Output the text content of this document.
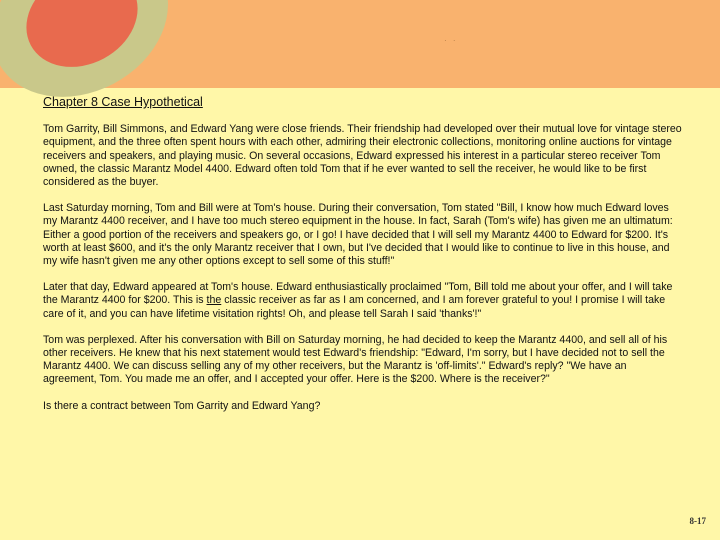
· ·
Chapter 8 Case Hypothetical

Tom Garrity, Bill Simmons, and Edward Yang were close friends. Their friendship had developed over their mutual love for vintage stereo equipment, and the three often spent hours with each other, admiring their electronic collections, monitoring online auctions for vintage receivers and speakers, and playing music. On several occasions, Edward expressed his interest in a particular stereo receiver Tom owned, the classic Marantz Model 4400. Edward often told Tom that if he ever wanted to sell the receiver, he would like to be first considered as the buyer.

Last Saturday morning, Tom and Bill were at Tom's house. During their conversation, Tom stated "Bill, I know how much Edward loves my Marantz 4400 receiver, and I have too much stereo equipment in the house. In fact, Sarah (Tom's wife) has given me an ultimatum: Either a good portion of the receivers and speakers go, or I go! I have decided that I will sell my Marantz 4400 to Edward for $200. It's worth at least $600, and it's the only Marantz receiver that I own, but I've decided that I would like to continue to live in this house, and my wife hasn't given me any other options except to sell some of this stuff!"

Later that day, Edward appeared at Tom's house. Edward enthusiastically proclaimed "Tom, Bill told me about your offer, and I will take the Marantz 4400 for $200. This is the classic receiver as far as I am concerned, and I am forever grateful to you! I promise I will take care of it, and you can have lifetime visitation rights! Oh, and please tell Sarah I said 'thanks'!"

Tom was perplexed. After his conversation with Bill on Saturday morning, he had decided to keep the Marantz 4400, and sell all of his other receivers. He knew that his next statement would test Edward's friendship: "Edward, I'm sorry, but I have decided not to sell the Marantz 4400. We can discuss selling any of my other receivers, but the Marantz is 'off-limits'." Edward's reply? "We have an agreement, Tom. You made me an offer, and I accepted your offer. Here is the $200. Where is the receiver?"

Is there a contract between Tom Garrity and Edward Yang?

8-17
